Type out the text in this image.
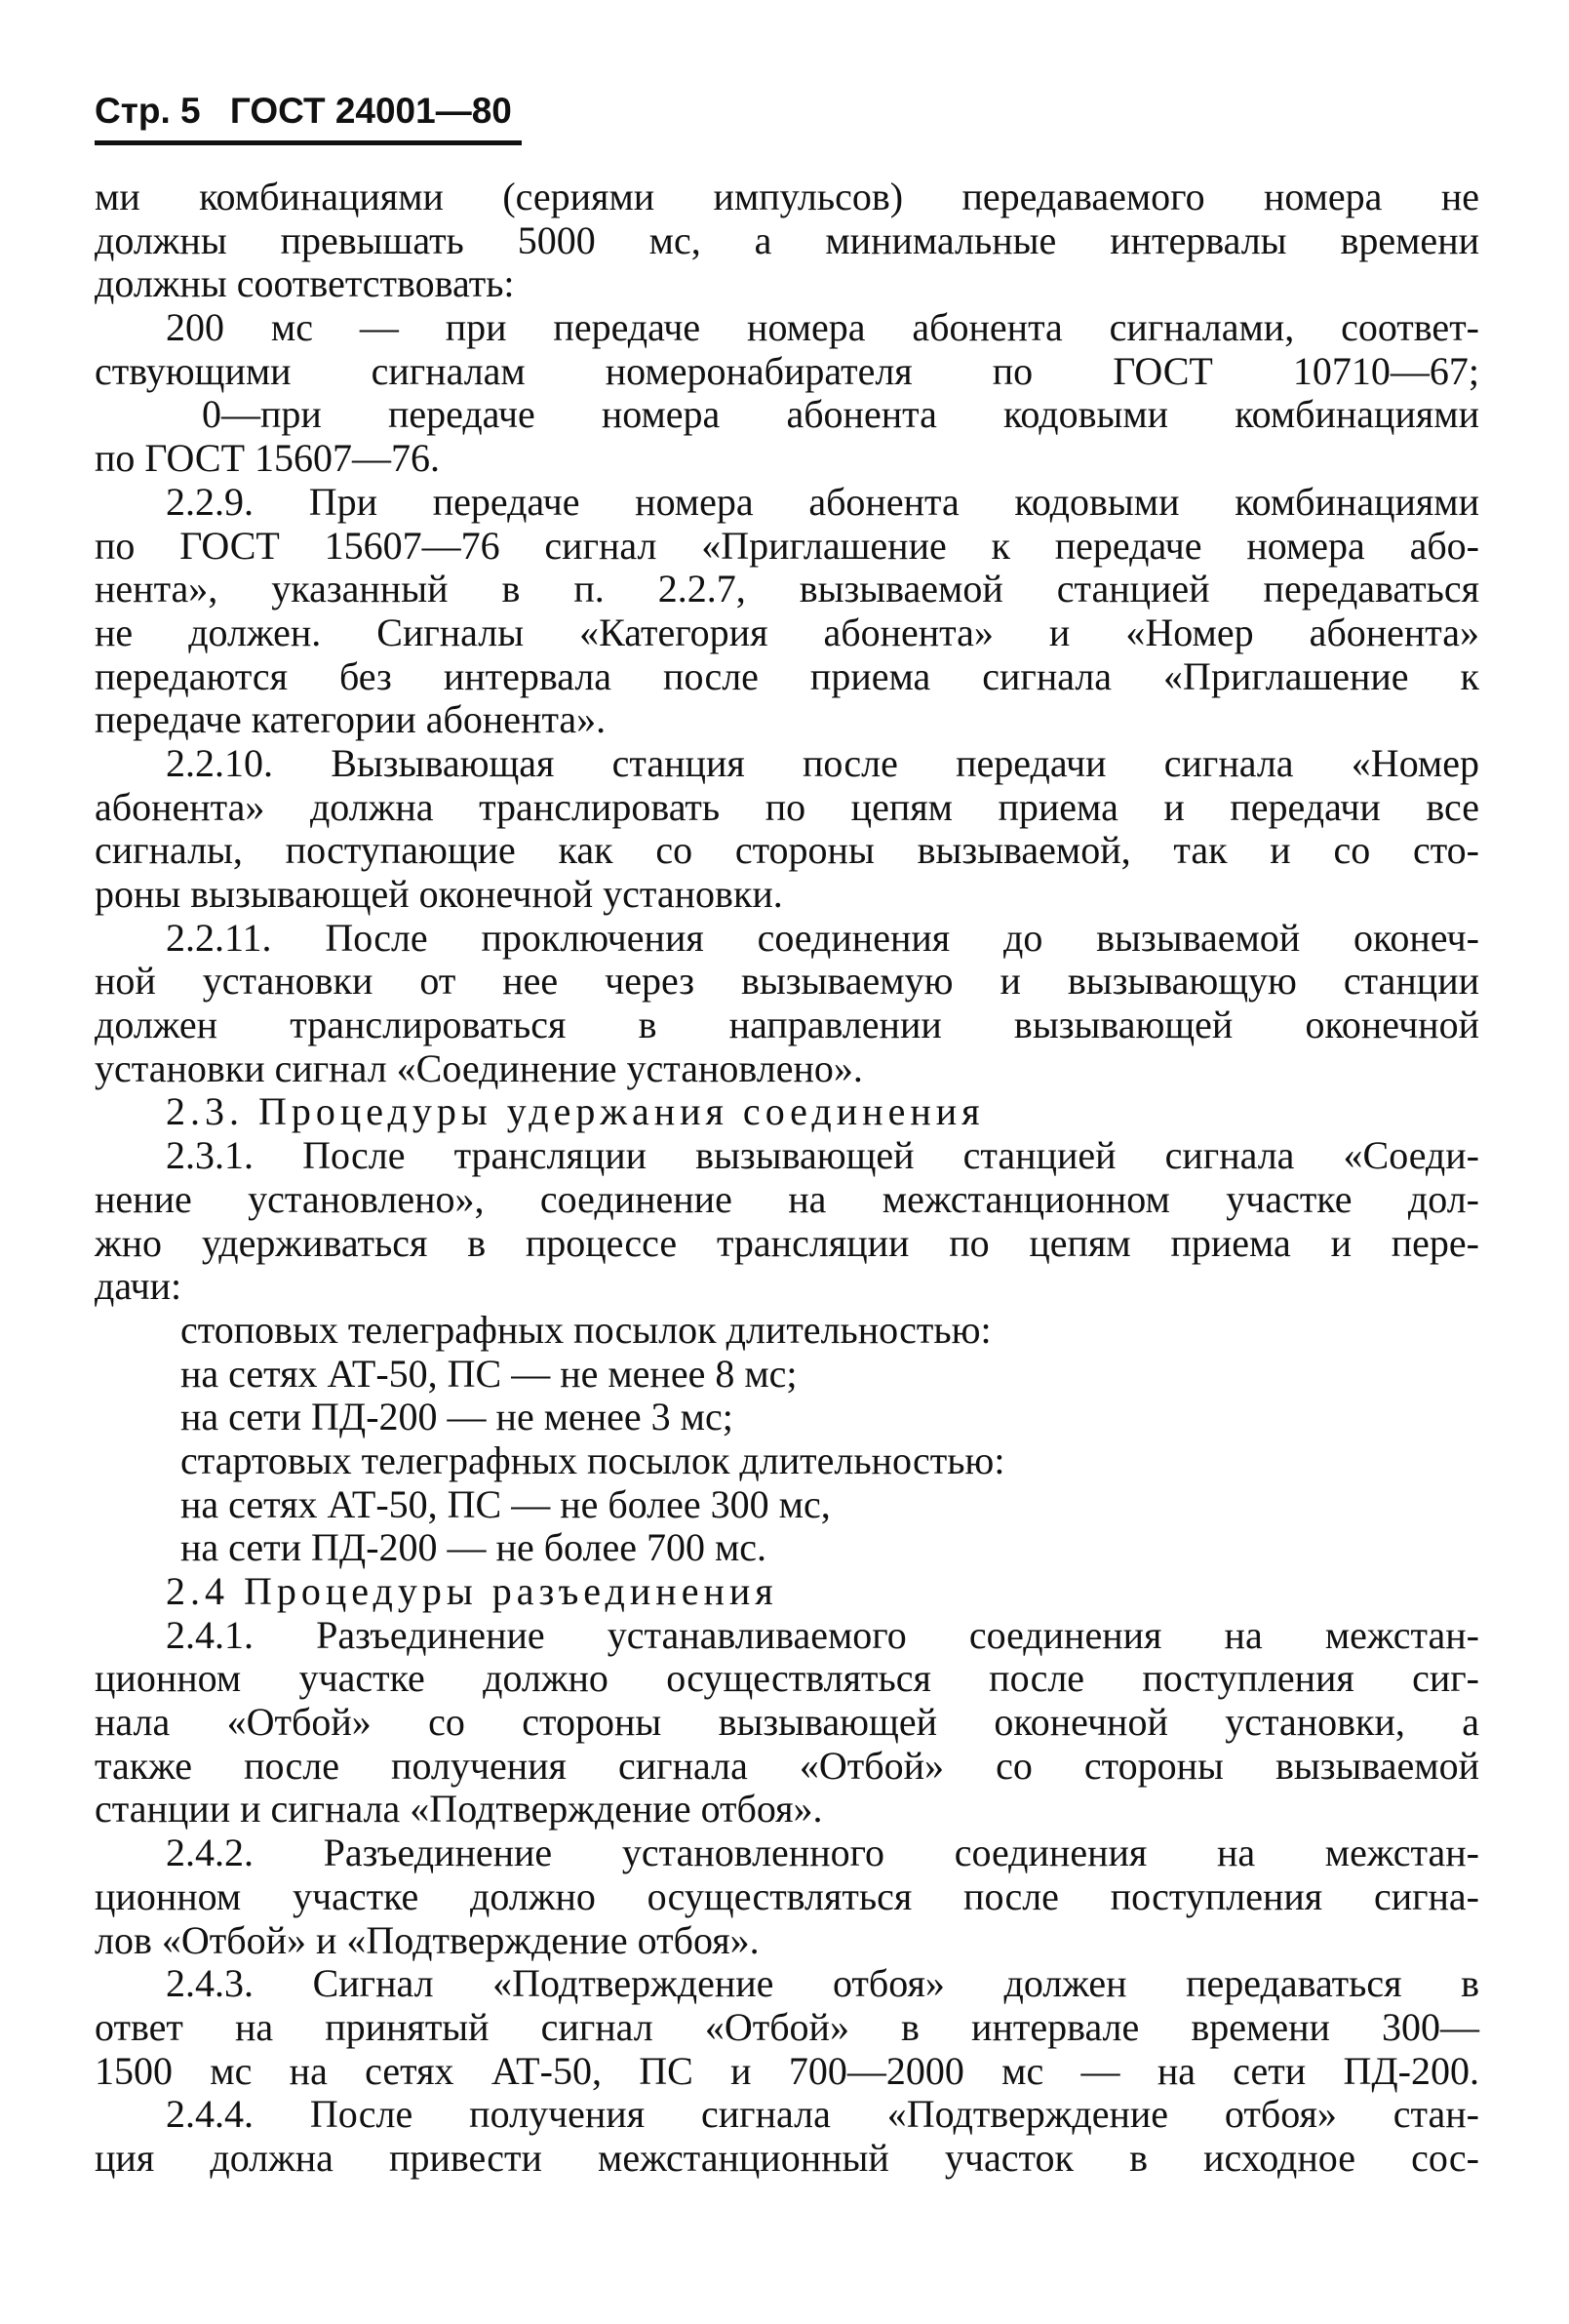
Стр. 5 ГОСТ 24001—80
ми комбинациями (сериями импульсов) передаваемого номера не
должны превышать 5000 мс, а минимальные интервалы времени
должны соответствовать:
200 мс — при передаче номера абонента сигналами, соответ-
ствующими сигналам номеронабирателя по ГОСТ 10710—67;
0—при передаче номера абонента кодовыми комбинациями
по ГОСТ 15607—76.
2.2.9. При передаче номера абонента кодовыми комбинациями
по ГОСТ 15607—76 сигнал «Приглашение к передаче номера або-
нента», указанный в п. 2.2.7, вызываемой станцией передаваться
не должен. Сигналы «Категория абонента» и «Номер абонента»
передаются без интервала после приема сигнала «Приглашение к
передаче категории абонента».
2.2.10. Вызывающая станция после передачи сигнала «Номер
абонента» должна транслировать по цепям приема и передачи все
сигналы, поступающие как со стороны вызываемой, так и со сто-
роны вызывающей оконечной установки.
2.2.11. После проключения соединения до вызываемой оконеч-
ной установки от нее через вызываемую и вызывающую станции
должен транслироваться в направлении вызывающей оконечной
установки сигнал «Соединение установлено».
2.3. Процедуры удержания соединения
2.3.1. После трансляции вызывающей станцией сигнала «Соеди-
нение установлено», соединение на межстанционном участке дол-
жно удерживаться в процессе трансляции по цепям приема и пере-
дачи:
стоповых телеграфных посылок длительностью:
на сетях АТ-50, ПС — не менее 8 мс;
на сети ПД-200 — не менее 3 мс;
стартовых телеграфных посылок длительностью:
на сетях АТ-50, ПС — не более 300 мс,
на сети ПД-200 — не более 700 мс.
2.4 Процедуры разъединения
2.4.1. Разъединение устанавливаемого соединения на межстан-
ционном участке должно осуществляться после поступления сиг-
нала «Отбой» со стороны вызывающей оконечной установки, а
также после получения сигнала «Отбой» со стороны вызываемой
станции и сигнала «Подтверждение отбоя».
2.4.2. Разъединение установленного соединения на межстан-
ционном участке должно осуществляться после поступления сигна-
лов «Отбой» и «Подтверждение отбоя».
2.4.3. Сигнал «Подтверждение отбоя» должен передаваться в
ответ на принятый сигнал «Отбой» в интервале времени 300—
1500 мс на сетях АТ-50, ПС и 700—2000 мс — на сети ПД-200.
2.4.4. После получения сигнала «Подтверждение отбоя» стан-
ция должна привести межстанционный участок в исходное сос-
